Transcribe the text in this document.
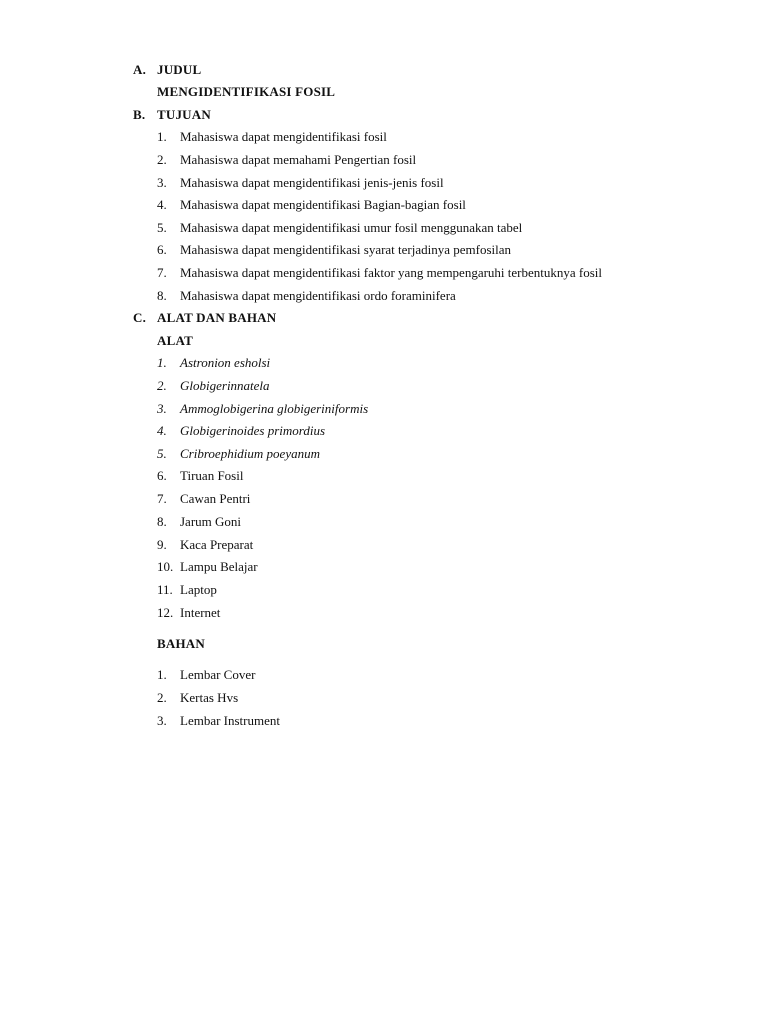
A. JUDUL
MENGIDENTIFIKASI FOSIL
B. TUJUAN
1.	Mahasiswa dapat mengidentifikasi fosil
2.	Mahasiswa dapat memahami Pengertian fosil
3.	Mahasiswa dapat mengidentifikasi jenis-jenis fosil
4.	Mahasiswa dapat mengidentifikasi Bagian-bagian fosil
5.	Mahasiswa dapat mengidentifikasi umur fosil menggunakan tabel
6.	Mahasiswa dapat mengidentifikasi syarat terjadinya pemfosilan
7.	Mahasiswa dapat mengidentifikasi faktor yang mempengaruhi terbentuknya fosil
8.	Mahasiswa dapat mengidentifikasi ordo foraminifera
C. ALAT DAN BAHAN
ALAT
1.	Astronion esholsi
2.	Globigerinnatela
3.	Ammoglobigerina globigeriniformis
4.	Globigerinoides primordius
5.	Cribroephidium poeyanum
6.	Tiruan Fosil
7.	Cawan Pentri
8.	Jarum Goni
9.	Kaca Preparat
10. Lampu Belajar
11. Laptop
12. Internet
BAHAN
1.	Lembar Cover
2.	Kertas Hvs
3.	Lembar Instrument
